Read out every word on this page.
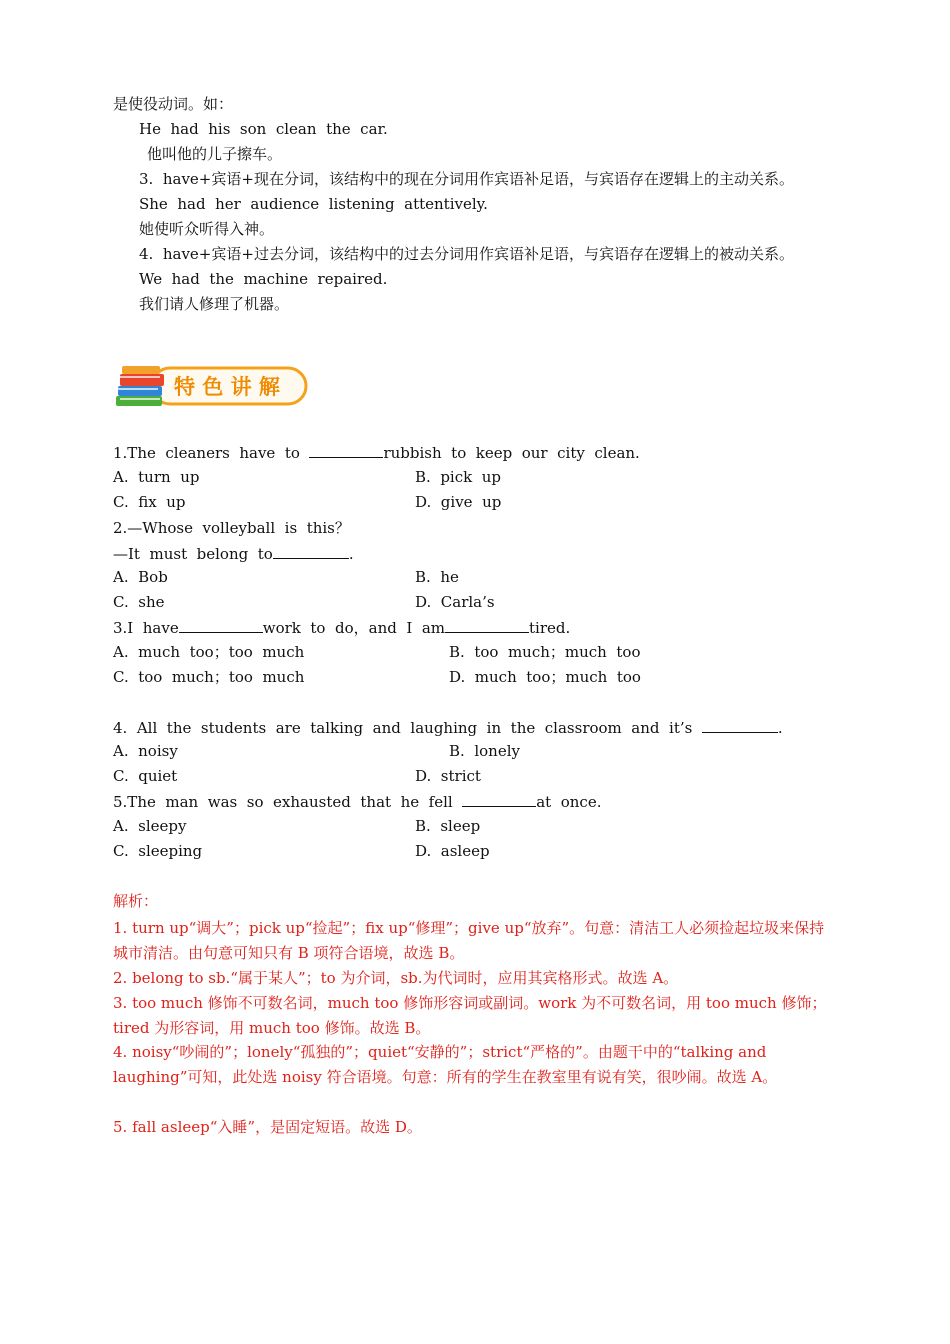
是使役动词。如：
He  had  his  son  clean  the  car.
他叫他的儿子擦车。
3.  have+宾语+现在分词，该结构中的现在分词用作宾语补足语，与宾语存在逻辑上的主动关系。
She  had  her  audience  listening  attentively.
她使听众听得入神。
4.  have+宾语+过去分词，该结构中的过去分词用作宾语补足语，与宾语存在逻辑上的被动关系。
We  had  the  machine  repaired.
我们请人修理了机器。
特 色 讲 解
1.The  cleaners  have  to	rubbish  to  keep  our  city  clean.
A.  turn  up	B.  pick  up
C.  fix  up	D.  give  up
2.—Whose  volleyball  is  this？
—It  must  belong  to	.
A.  Bob	B.  he
C.  she	D.  Carla’s
3.I  have	work  to  do，and  I  am	tired.
A.  much  too；too  much	B.  too  much；much  too
C.  too  much；too  much	D.  much  too；much  too
4.  All  the  students  are  talking  and  laughing  in  the  classroom  and  it’s	.
A.  noisy	B.  lonely
C.  quiet	D.  strict
5.The  man  was  so  exhausted  that  he  fell	at  once.
A.  sleepy	B.  sleep
C.  sleeping	D.  asleep
解析：
1. turn up“调大”；pick up“捡起”；fix up“修理”；give up“放弃”。句意：清洁工人必须捡起垃圾来保持城市清洁。由句意可知只有 B 项符合语境，故选 B。
2. belong to sb.“属于某人”；to 为介词，sb.为代词时，应用其宾格形式。故选 A。
3. too much 修饰不可数名词，much too 修饰形容词或副词。work 为不可数名词，用 too much 修饰；tired 为形容词，用 much too 修饰。故选 B。
4. noisy“吵闹的”；lonely“孤独的”；quiet“安静的”；strict“严格的”。由题干中的“talking and laughing”可知，此处选 noisy 符合语境。句意：所有的学生在教室里有说有笑，很吵闹。故选 A。
5. fall asleep“入睡”，是固定短语。故选 D。
